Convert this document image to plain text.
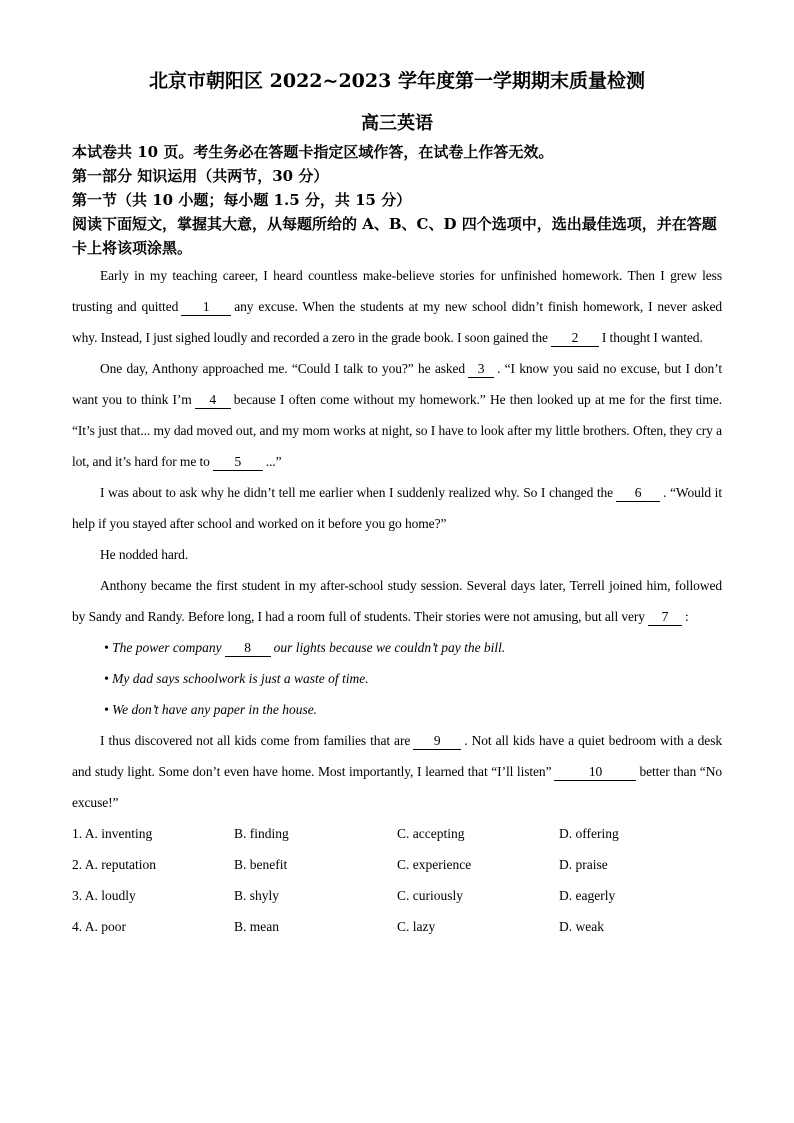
北京市朝阳区 2022~2023 学年度第一学期期末质量检测
高三英语

本试卷共 10 页。考生务必在答题卡指定区域作答，在试卷上作答无效。

第一部分 知识运用（共两节，30 分）

第一节（共 10 小题；每小题 1.5 分，共 15 分）

阅读下面短文，掌握其大意，从每题所给的 A、B、C、D 四个选项中，选出最佳选项，并在答题卡上将该项涂黑。

Early in my teaching career, I heard countless make-believe stories for unfinished homework. Then I grew less trusting and quitted 1 any excuse. When the students at my new school didn’t finish homework, I never asked why. Instead, I just sighed loudly and recorded a zero in the grade book. I soon gained the 2 I thought I wanted.

One day, Anthony approached me. “Could I talk to you?” he asked 3 . “I know you said no excuse, but I don’t want you to think I’m 4 because I often come without my homework.” He then looked up at me for the first time. “It’s just that... my dad moved out, and my mom works at night, so I have to look after my little brothers. Often, they cry a lot, and it’s hard for me to 5 ...”

I was about to ask why he didn’t tell me earlier when I suddenly realized why. So I changed the 6 . “Would it help if you stayed after school and worked on it before you go home?”

He nodded hard.

Anthony became the first student in my after-school study session. Several days later, Terrell joined him, followed by Sandy and Randy. Before long, I had a room full of students. Their stories were not amusing, but all very 7 :

• The power company 8 our lights because we couldn’t pay the bill.

• My dad says schoolwork is just a waste of time.

• We don’t have any paper in the house.

I thus discovered not all kids come from families that are 9 . Not all kids have a quiet bedroom with a desk and study light. Some don’t even have home. Most importantly, I learned that “I’ll listen”	10	better than “No excuse!”

1. A. inventing	B. finding	C. accepting	D. offering
2. A. reputation	B. benefit	C. experience	D. praise
3. A. loudly	B. shyly	C. curiously	D. eagerly
4. A. poor	B. mean	C. lazy	D. weak
